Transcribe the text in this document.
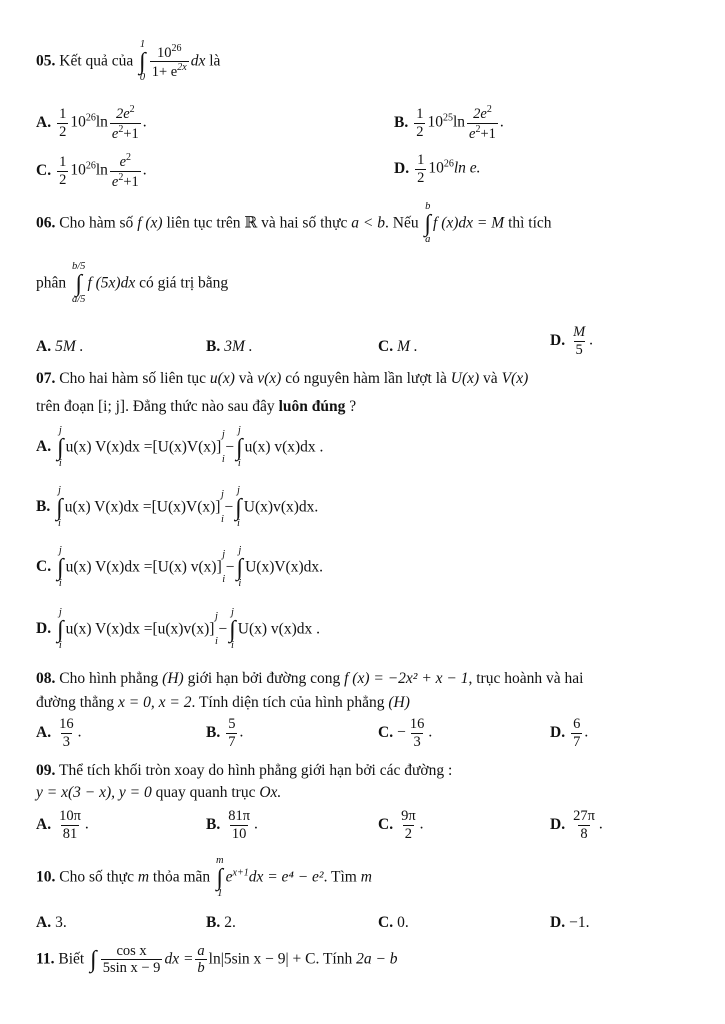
05. Kết quả của
1
∫
$0 \frac{10^{26}}{1+ e^{2x}}$ dx là
A. $\frac{1}{2} 10^{26}\ln \frac{2e^2}{e^2+1}$ .	B. $\frac{1}{2} 10^{25}\ln \frac{2e^2}{e^2+1}$ .
C. $\frac{1}{2} 10^{26}\ln \frac{e^2}{e^2+1}$ .	D. $\frac{1}{2} 10^{26}\ln$ e.
06. Cho hàm số f (x) liên tục trên ℝ và hai số thực a < b. Nếu
b
∫
a
f (x)dx = M thì tích
phân
b/5
∫
a/5
f (5x)dx có giá trị bằng
A. 5M .	B. 3M .	C. M .	D. $\frac{M}{5}$ .
07. Cho hai hàm số liên tục u(x) và v(x) có nguyên hàm lần lượt là U(x) và V(x)
trên đoạn [i; j]. Đẳng thức nào sau đây luôn đúng ?
A.
j
∫
i
u(x) V(x)dx =[U(x)V(x)]
j

i
−
j
∫
i
u(x) v(x)dx .
B.
j
∫
i
u(x) V(x)dx =[U(x)V(x)]
j

i
−
j
∫
i
U(x)v(x)dx.
C.
j
∫
i
u(x) V(x)dx =[U(x) v(x)]
j

i
−
j
∫
i
U(x)V(x)dx.
D.
j
∫
i
u(x) V(x)dx =[u(x)v(x)]
j

i
−
j
∫
i
U(x) v(x)dx .
08. Cho hình phẳng (H) giới hạn bởi đường cong f (x) = −2x² + x − 1, trục hoành và hai
đường thẳng x = 0, x = 2. Tính diện tích của hình phẳng (H)
A. $\frac{16}{3}$ .	B. $\frac{5}{7}$ .	C. − $\frac{16}{3}$ .	D. $\frac{6}{7}$ .
09. Thể tích khối tròn xoay do hình phẳng giới hạn bởi các đường :
y = x(3 − x), y = 0 quay quanh trục Ox.
A. $\frac{10\pi}{81}$ .	B. $\frac{81\pi}{10}$ .	C. $\frac{9\pi}{2}$ .	D. $\frac{27\pi}{8}$ .
10. Cho số thực m thỏa mãn
m
∫
1
$e^{x+1}dx = e^4 - e^2$. Tìm m
A. 3.	B. 2.	C. 0.	D. −1.
11. Biết
∫
$\frac{\text{cos x}}{\text{5sin x − 9}}$ dx = $\frac{a}{b} \ln|5\sin$ x − 9| + C. Tính 2a − b
